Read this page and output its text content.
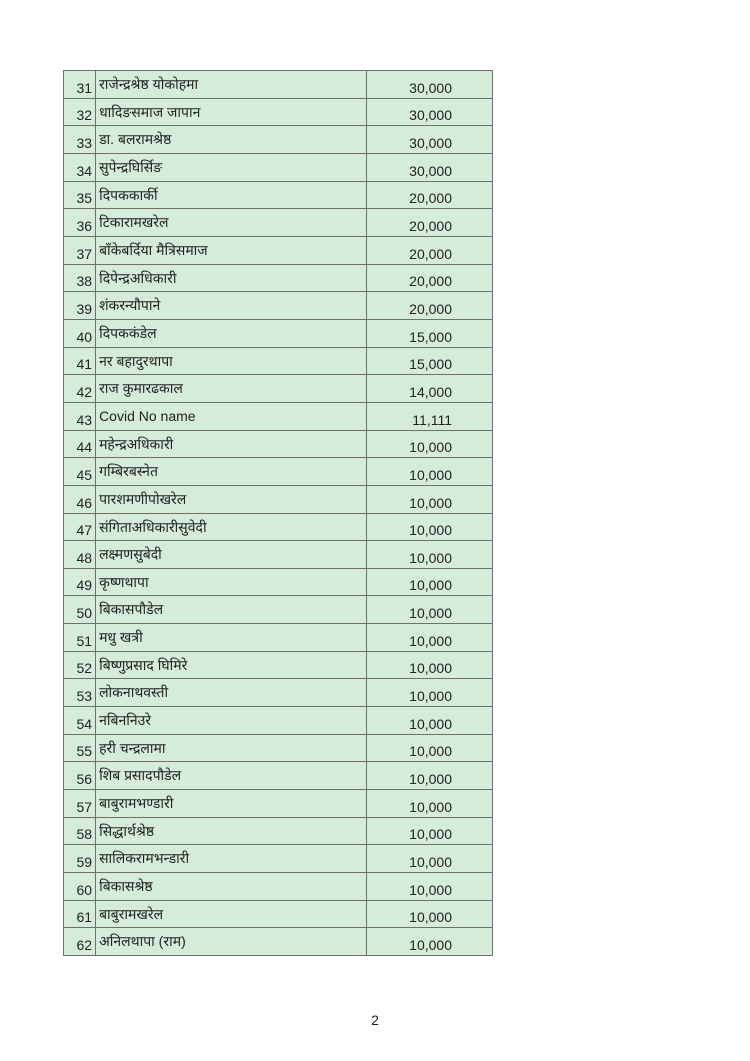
31	राजेन्द्रश्रेष्ठ योकोहमा	30,000
32	धादिङसमाज जापान	30,000
33	डा. बलरामश्रेष्ठ	30,000
34	सुपेन्द्रघिर्सिङ	30,000
35	दिपककार्की	20,000
36	टिकारामखरेल	20,000
37	बाँकेबर्दिया मैत्रिसमाज	20,000
38	दिपेन्द्रअधिकारी	20,000
39	शंकरन्यौपाने	20,000
40	दिपककंडेल	15,000
41	नर बहादुरथापा	15,000
42	राज कुमारढकाल	14,000
43	Covid No name	11,111
44	महेन्द्रअधिकारी	10,000
45	गम्बिरबस्नेत	10,000
46	पारशमणीपोखरेल	10,000
47	संगिताअधिकारीसुवेदी	10,000
48	लक्ष्मणसुबेदी	10,000
49	कृष्णथापा	10,000
50	बिकासपौडेल	10,000
51	मधु खत्री	10,000
52	बिष्णुप्रसाद घिमिरे	10,000
53	लोकनाथवस्ती	10,000
54	नबिननिउरे	10,000
55	हरी चन्द्रलामा	10,000
56	शिब प्रसादपौडेल	10,000
57	बाबुरामभण्डारी	10,000
58	सिद्धार्थश्रेष्ठ	10,000
59	सालिकरामभन्डारी	10,000
60	बिकासश्रेष्ठ	10,000
61	बाबुरामखरेल	10,000
62	अनिलथापा (राम)	10,000
2
